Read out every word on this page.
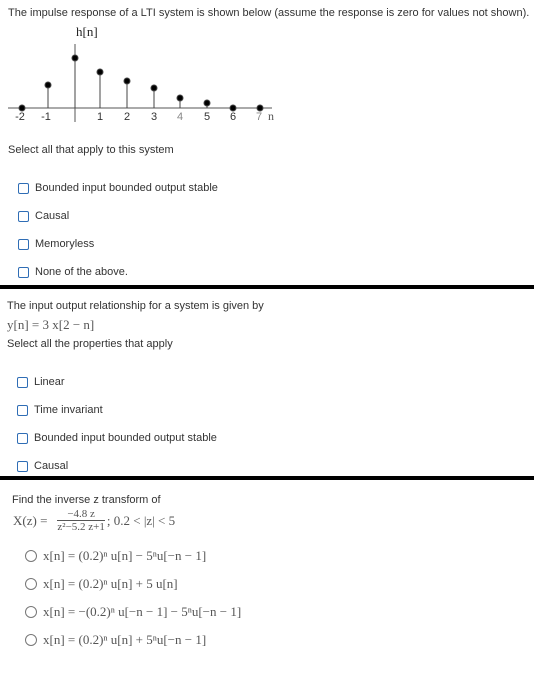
The impulse response of a LTI system is shown below (assume the response is zero for values not shown).
h[n]
-2 -1	1 2 3 4 5 6 7 n
Select all that apply to this system
Bounded input bounded output stable
Causal
Memoryless
None of the above.
The input output relationship for a system is given by
y[n] = 3 x[2 − n]
Select all the properties that apply
Linear
Time invariant
Bounded input bounded output stable
Causal
Find the inverse z transform of
$X(z) = \frac{-4.8 z}{\text{z²−5.2 z+1}}$ ; 0.2 < |z| < 5
x[n] = (0.2)ⁿ u[n] − 5ⁿu[−n − 1]
x[n] = (0.2)ⁿ u[n] + 5 u[n]
x[n] = −(0.2)ⁿ u[−n − 1] − 5ⁿu[−n − 1]
x[n] = (0.2)ⁿ u[n] + 5ⁿu[−n − 1]
